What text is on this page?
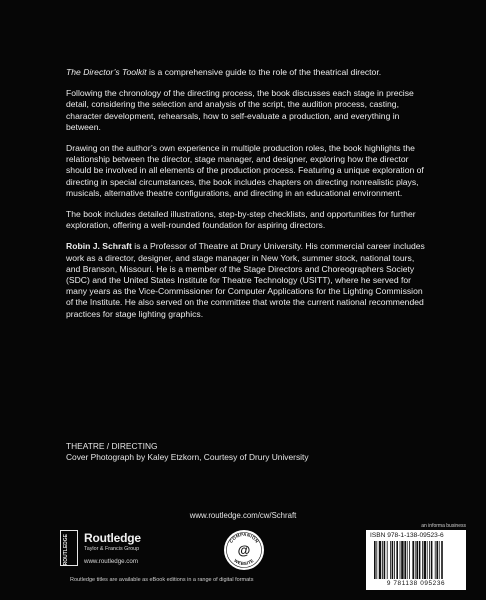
The Director’s Toolkit is a comprehensive guide to the role of the theatrical director.

Following the chronology of the directing process, the book discusses each stage in precise detail, considering the selection and analysis of the script, the audition process, casting, character development, rehearsals, how to self-evaluate a production, and everything in between.

Drawing on the author’s own experience in multiple production roles, the book highlights the relationship between the director, stage manager, and designer, exploring how the director should be involved in all elements of the production process. Featuring a unique exploration of directing in special circumstances, the book includes chapters on directing nonrealistic plays, musicals, alternative theatre configurations, and directing in an educational environment.

The book includes detailed illustrations, step-by-step checklists, and opportunities for further exploration, offering a well-rounded foundation for aspiring directors.

Robin J. Schraft is a Professor of Theatre at Drury University. His commercial career includes work as a director, designer, and stage manager in New York, summer stock, national tours, and Branson, Missouri. He is a member of the Stage Directors and Choreographers Society (SDC) and the United States Institute for Theatre Technology (USITT), where he served for many years as the Vice-Commissioner for Computer Applications for the Lighting Commission of the Institute. He also served on the committee that wrote the current national recommended practices for stage lighting graphics.

THEATRE / DIRECTING
Cover Photograph by Kaley Etzkorn, Courtesy of Drury University
www.routledge.com/cw/Schraft
ROUTLEDGE	Routledge
Taylor & Francis Group
www.routledge.com
COMPANION
WEBSITE
@
an informa business
ISBN 978-1-138-09523-6
9 781138 095236
Routledge titles are available as eBook editions in a range of digital formats
